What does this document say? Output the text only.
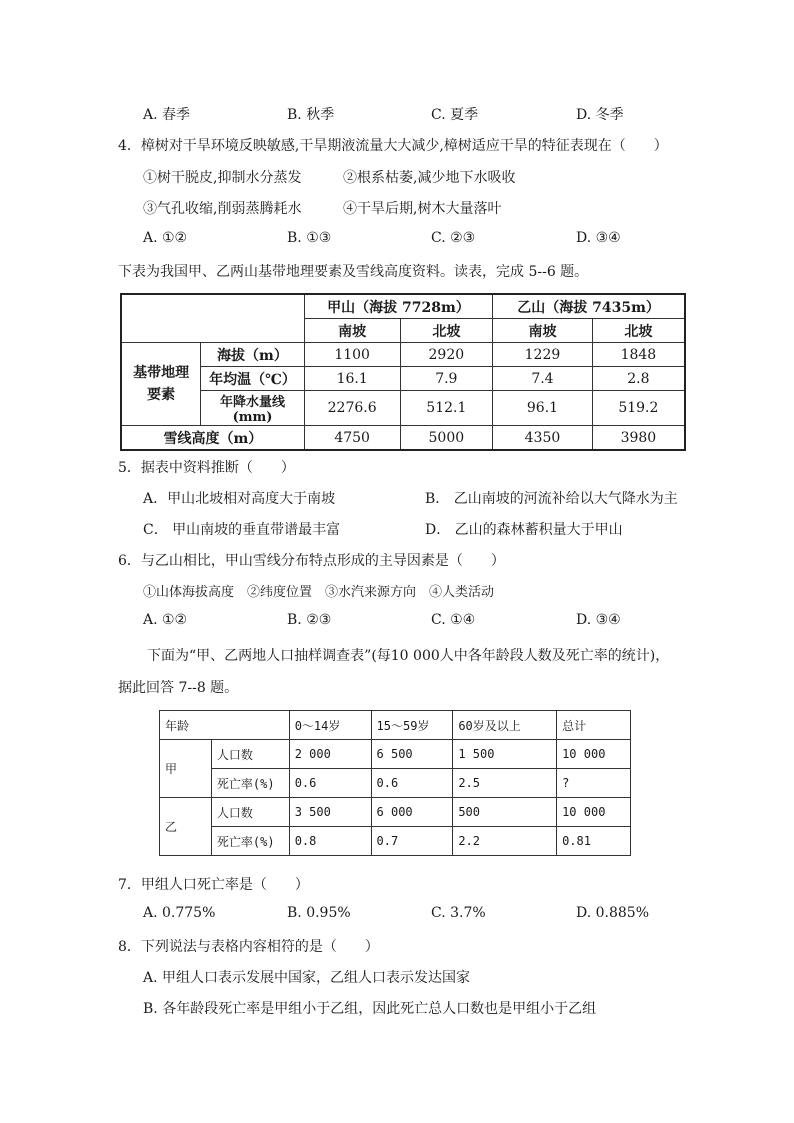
A. 春季	B. 秋季	C. 夏季	D. 冬季
4．樟树对干旱环境反映敏感,干旱期液流量大大减少,樟树适应干旱的特征表现在（　　）
①树干脱皮,抑制水分蒸发	②根系枯萎,减少地下水吸收
③气孔收缩,削弱蒸腾耗水	④干旱后期,树木大量落叶
A. ①②	B. ①③	C. ②③	D. ③④
下表为我国甲、乙两山基带地理要素及雪线高度资料。读表，完成 5--6 题。
		甲山（海拔 7728m）		乙山（海拔 7435m）	
		南坡	北坡	南坡	北坡
基带地理要素	海拔（m）	1100	2920	1229	1848
	年均温（℃）	16.1	7.9	7.4	2.8
	年降水量线(mm)	2276.6	512.1	96.1	519.2
雪线高度（m）		4750	5000	4350	3980
5．据表中资料推断（　　）
A．甲山北坡相对高度大于南坡	B． 乙山南坡的河流补给以大气降水为主
C． 甲山南坡的垂直带谱最丰富	D． 乙山的森林蓄积量大于甲山
6．与乙山相比，甲山雪线分布特点形成的主导因素是（　　）
①山体海拔高度　②纬度位置　③水汽来源方向　④人类活动
A. ①②	B. ②③	C. ①④	D. ③④
下面为“甲、乙两地人口抽样调查表”(每10 000人中各年龄段人数及死亡率的统计)，
据此回答 7--8 题。
年龄		0～14岁	15～59岁	60岁及以上	总计
甲	人口数	2 000	6 500	1 500	10 000
	死亡率(%)	0.6	0.6	2.5	?
乙	人口数	3 500	6 000	500	10 000
	死亡率(%)	0.8	0.7	2.2	0.81
7．甲组人口死亡率是（　　）
A. 0.775%	B. 0.95%	C. 3.7%	D. 0.885%
8．下列说法与表格内容相符的是（　　）
A. 甲组人口表示发展中国家，乙组人口表示发达国家
B. 各年龄段死亡率是甲组小于乙组，因此死亡总人口数也是甲组小于乙组
